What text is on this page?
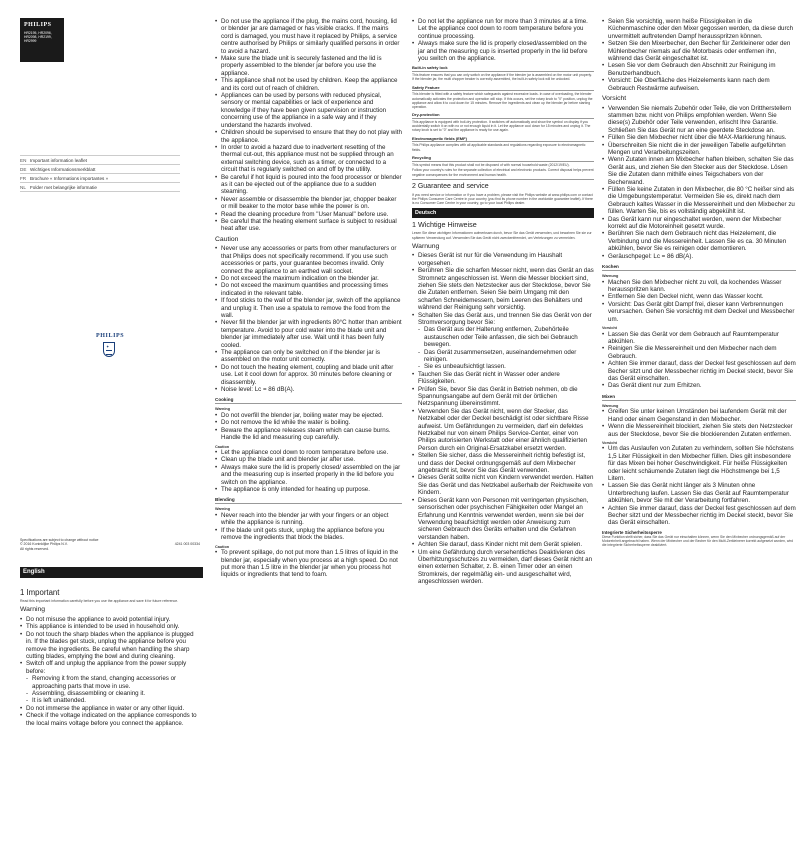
PHILIPS
HR2195, HR2096,
HR2098, HR2199,
HR2999
EN Important information leaflet
DE Wichtiges Informationsmerkblatt
FR Brochure « Informations importantes »
NL Folder met belangrijke informatie
PHILIPS
✦
Specifications are subject to change without notice
© 2016 Koninklijke Philips N.V.
All rights reserved.
4241 003 00334
English
1 Important
Read this important information carefully before you use the appliance and save it for future reference.
Warning
• Do not misuse the appliance to avoid potential injury.
• This appliance is intended to be used in household only.
• Do not touch the sharp blades when the appliance is plugged in. If the blades get stuck, unplug the appliance before you remove the ingredients. Be careful when handling the sharp cutting blades, emptying the bowl and during cleaning.
• Switch off and unplug the appliance from the power supply before:
- Removing it from the stand, changing accessories or approaching parts that move in use.
- Assembling, disassembling or cleaning it.
- It is left unattended.
• Do not immerse the appliance in water or any other liquid.
• Check if the voltage indicated on the appliance corresponds to the local mains voltage before you connect the appliance.
• Do not use the appliance if the plug, the mains cord, housing, lid or blender jar are damaged or has visible cracks. If the mains cord is damaged, you must have it replaced by Philips, a service centre authorised by Philips or similarly qualified persons in order to avoid a hazard.
• Make sure the blade unit is securely fastened and the lid is properly assembled to the blender jar before you use the appliance.
• This appliance shall not be used by children. Keep the appliance and its cord out of reach of children.
• Appliances can be used by persons with reduced physical, sensory or mental capabilities or lack of experience and knowledge if they have been given supervision or instruction concerning use of the appliance in a safe way and if they understand the hazards involved.
• Children should be supervised to ensure that they do not play with the appliance.
• In order to avoid a hazard due to inadvertent resetting of the thermal cut-out, this appliance must not be supplied through an external switching device, such as a timer, or connected to a circuit that is regularly switched on and off by the utility.
• Be careful if hot liquid is poured into the food processor or blender as it can be ejected out of the appliance due to a sudden steaming.
• Never assemble or disassemble the blender jar, chopper beaker or mill beaker to the motor base while the power is on.
• Read the cleaning procedure from "User Manual" before use.
• Be careful that the heating element surface is subject to residual heat after use.
Caution
• Never use any accessories or parts from other manufacturers or that Philips does not specifically recommend. If you use such accessories or parts, your guarantee becomes invalid. Only connect the appliance to an earthed wall socket.
• Do not exceed the maximum indication on the blender jar.
• Do not exceed the maximum quantities and processing times indicated in the relevant table.
• If food sticks to the wall of the blender jar, switch off the appliance and unplug it. Then use a spatula to remove the food from the wall.
• Never fill the blender jar with ingredients 80°C hotter than ambient temperature. Avoid to pour cold water into the blade unit and blender jar immediately after use. Wait until it has been fully cooled.
• The appliance can only be switched on if the blender jar is assembled on the motor unit correctly.
• Do not touch the heating element, coupling and blade unit after use. Let it cool down for approx. 30 minutes before cleaning or disassembly.
• Noise level: Lc = 86 dB(A).
Cooking
Warning
• Do not overfill the blender jar, boiling water may be ejected.
• Do not remove the lid while the water is boiling.
• Beware the appliance releases steam which can cause burns. Handle the lid and measuring cup carefully.
Caution
• Let the appliance cool down to room temperature before use.
• Clean up the blade unit and blender jar after use.
• Always make sure the lid is properly closed/ assembled on the jar and the measuring cup is inserted properly in the lid before you switch on the appliance.
• The appliance is only intended for heating up purpose.
Blending
Warning
• Never reach into the blender jar with your fingers or an object while the appliance is running.
• If the blade unit gets stuck, unplug the appliance before you remove the ingredients that block the blades.
Caution
• To prevent spillage, do not put more than 1.5 litres of liquid in the blender jar, especially when you process at a high speed. Do not put more than 1.5 litre in the blender jar when you process hot liquids or ingredients that tend to foam.
• Do not let the appliance run for more than 3 minutes at a time. Let the appliance cool down to room temperature before you continue processing.
• Always make sure the lid is properly closed/assembled on the jar and the measuring cup is inserted properly in the lid before you switch on the appliance.
Built-in safety lock
This feature ensures that you can only switch on the appliance if the blender jar is assembled on the motor unit properly. If the blender jar, the multi chopper beaker is correctly assembled, the built-in safety lock will be unlocked.
Safety Feature
This blender is fitted with a safety feature which safeguards against excessive loads. In case of overloading, the blender automatically activates the protection and operation will stop. If this occurs, set the rotary knob to "0" position, unplug the appliance and allow it to cool down for 15 minutes. Remove the ingredients and clean up the blender jar before starting operation.
Dry-protection
This appliance is equipped with boil-dry protection. It switches off automatically and show the symbol on display if you accidentally switch it on with no or not enough liquid in it. Let the appliance cool down for 15 minutes and unplug it. The rotary knob is set to "0" and the appliance is ready for use again.
Electromagnetic fields (EMF)
This Philips appliance complies with all applicable standards and regulations regarding exposure to electromagnetic fields.
Recycling
This symbol means that this product shall not be disposed of with normal household waste (2012/19/EU).
Follow your country's rules for the separate collection of electrical and electronic products. Correct disposal helps prevent negative consequences for the environment and human health.
2 Guarantee and service
If you need service or information or if you have a problem, please visit the Philips website at www.philips.com or contact the Philips Consumer Care Centre in your country (you find its phone number in the worldwide guarantee leaflet). If there is no Consumer Care Centre in your country, go to your local Philips dealer.
Deutsch
1 Wichtige Hinweise
Lesen Sie diese wichtigen Informationen aufmerksam durch, bevor Sie das Gerät verwenden, und bewahren Sie sie zur späteren Verwendung auf. Verwenden Sie das Gerät nicht zweckentfremdet, um Verletzungen zu vermeiden.
Warnung
• Dieses Gerät ist nur für die Verwendung im Haushalt vorgesehen.
• Berühren Sie die scharfen Messer nicht, wenn das Gerät an das Stromnetz angeschlossen ist. Wenn die Messer blockiert sind, ziehen Sie stets den Netzstecker aus der Steckdose, bevor Sie die Zutaten entfernen. Seien Sie beim Umgang mit den scharfen Schneidemessern, beim Leeren des Behälters und während der Reinigung sehr vorsichtig.
• Schalten Sie das Gerät aus, und trennen Sie das Gerät von der Stromversorgung bevor Sie:
- Das Gerät aus der Halterung entfernen, Zubehörteile austauschen oder Teile anfassen, die sich bei Gebrauch bewegen.
- Das Gerät zusammensetzen, auseinandernehmen oder reinigen.
- Sie es unbeaufsichtigt lassen.
• Tauchen Sie das Gerät nicht in Wasser oder andere Flüssigkeiten.
• Prüfen Sie, bevor Sie das Gerät in Betrieb nehmen, ob die Spannungsangabe auf dem Gerät mit der örtlichen Netzspannung übereinstimmt.
• Verwenden Sie das Gerät nicht, wenn der Stecker, das Netzkabel oder der Deckel beschädigt ist oder sichtbare Risse aufweist. Um Gefährdungen zu vermeiden, darf ein defektes Netzkabel nur von einem Philips Service-Center, einer von Philips autorisierten Werkstatt oder einer ähnlich qualifizierten Person durch ein Original-Ersatzkabel ersetzt werden.
• Stellen Sie sicher, dass die Messereinheit richtig befestigt ist, und dass der Deckel ordnungsgemäß auf dem Mixbecher angebracht ist, bevor Sie das Gerät verwenden.
• Dieses Gerät sollte nicht von Kindern verwendet werden. Halten Sie das Gerät und das Netzkabel außerhalb der Reichweite von Kindern.
• Dieses Gerät kann von Personen mit verringerten physischen, sensorischen oder psychischen Fähigkeiten oder Mangel an Erfahrung und Kenntnis verwendet werden, wenn sie bei der Verwendung beaufsichtigt werden oder Anweisung zum sicheren Gebrauch des Geräts erhalten und die Gefahren verstanden haben.
• Achten Sie darauf, dass Kinder nicht mit dem Gerät spielen.
• Um eine Gefährdung durch versehentliches Deaktivieren des Überhitzungsschutzes zu vermeiden, darf dieses Gerät nicht an einen externen Schalter, z. B. einen Timer oder an einen Stromkreis, der regelmäßig ein- und ausgeschaltet wird, angeschlossen werden.
• Seien Sie vorsichtig, wenn heiße Flüssigkeiten in die Küchenmaschine oder den Mixer gegossen werden, da diese durch unvermittelt auftretenden Dampf herausspritzen können.
• Setzen Sie den Mixerbecher, den Becher für Zerkleinerer oder den Mühlenbecher niemals auf die Motorbasis oder entfernen ihn, während das Gerät eingeschaltet ist.
• Lesen Sie vor dem Gebrauch den Abschnitt zur Reinigung im Benutzerhandbuch.
• Vorsicht: Die Oberfläche des Heizelements kann nach dem Gebrauch Restwärme aufweisen.
Vorsicht
• Verwenden Sie niemals Zubehör oder Teile, die von Drittherstellern stammen bzw. nicht von Philips empfohlen werden. Wenn Sie diese(s) Zubehör oder Teile verwenden, erlischt Ihre Garantie. Schließen Sie das Gerät nur an eine geerdete Steckdose an.
• Füllen Sie den Mixbecher nicht über die MAX-Markierung hinaus.
• Überschreiten Sie nicht die in der jeweiligen Tabelle aufgeführten Mengen und Verarbeitungszeiten.
• Wenn Zutaten innen am Mixbecher haften bleiben, schalten Sie das Gerät aus, und ziehen Sie den Stecker aus der Steckdose. Lösen Sie die Zutaten dann mithilfe eines Teigschabers von der Becherwand.
• Füllen Sie keine Zutaten in den Mixbecher, die 80 °C heißer sind als die Umgebungstemperatur. Vermeiden Sie es, direkt nach dem Gebrauch kaltes Wasser in die Messereinheit und den Mixbecher zu füllen. Warten Sie, bis es vollständig abgekühlt ist.
• Das Gerät kann nur eingeschaltet werden, wenn der Mixbecher korrekt auf die Motoreinheit gesetzt wurde.
• Berühren Sie nach dem Gebrauch nicht das Heizelement, die Verbindung und die Messereinheit. Lassen Sie es ca. 30 Minuten abkühlen, bevor Sie es reinigen oder demontieren.
• Geräuschpegel: Lc = 86 dB(A).
Kochen
Warnung
• Machen Sie den Mixbecher nicht zu voll, da kochendes Wasser herausspritzen kann.
• Entfernen Sie den Deckel nicht, wenn das Wasser kocht.
• Vorsicht: Das Gerät gibt Dampf frei, dieser kann Verbrennungen verursachen. Gehen Sie vorsichtig mit dem Deckel und Messbecher um.
Vorsicht
• Lassen Sie das Gerät vor dem Gebrauch auf Raumtemperatur abkühlen.
• Reinigen Sie die Messereinheit und den Mixbecher nach dem Gebrauch.
• Achten Sie immer darauf, dass der Deckel fest geschlossen auf dem Becher sitzt und der Messbecher richtig im Deckel steckt, bevor Sie das Gerät einschalten.
• Das Gerät dient nur zum Erhitzen.
Mixen
Warnung
• Greifen Sie unter keinen Umständen bei laufendem Gerät mit der Hand oder einem Gegenstand in den Mixbecher.
• Wenn die Messereinheit blockiert, ziehen Sie stets den Netzstecker aus der Steckdose, bevor Sie die blockierenden Zutaten entfernen.
Vorsicht
• Um das Auslaufen von Zutaten zu verhindern, sollten Sie höchstens 1,5 Liter Flüssigkeit in den Mixbecher füllen. Dies gilt insbesondere für das Mixen bei hoher Geschwindigkeit. Für heiße Flüssigkeiten oder leicht schäumende Zutaten liegt die Höchstmenge bei 1,5 Litern.
• Lassen Sie das Gerät nicht länger als 3 Minuten ohne Unterbrechung laufen. Lassen Sie das Gerät auf Raumtemperatur abkühlen, bevor Sie mit der Verarbeitung fortfahren.
• Achten Sie immer darauf, dass der Deckel fest geschlossen auf dem Becher sitzt und der Messbecher richtig im Deckel steckt, bevor Sie das Gerät einschalten.
Integrierte Sicherheitssperre
Diese Funktion stellt sicher, dass Sie das Gerät nur einschalten können, wenn Sie den Mixbecher ordnungsgemäß auf der Motoreinheit angebracht haben. Wenn der Mixbecher und der Becher für den Multi-Zerkleinerer korrekt aufgesetzt wurden, wird die integrierte Sicherheitssperre deaktiviert.
